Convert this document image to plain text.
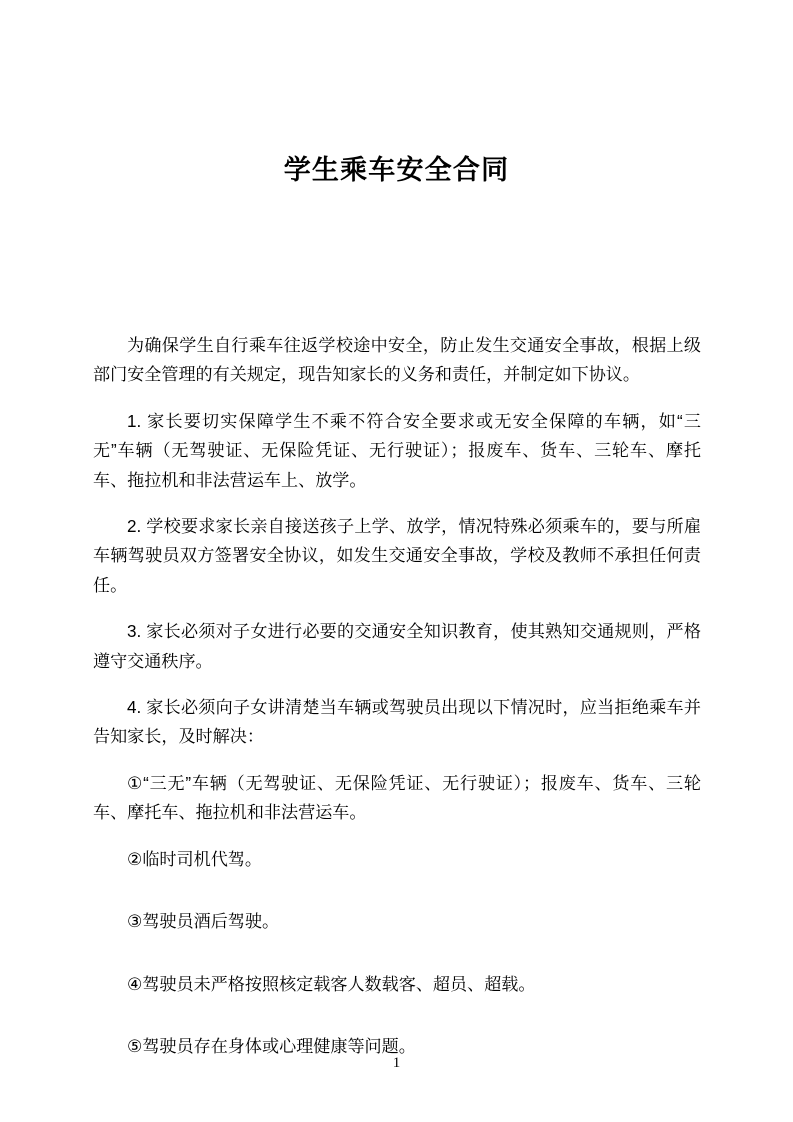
学生乘车安全合同

为确保学生自行乘车往返学校途中安全，防止发生交通安全事故，根据上级部门安全管理的有关规定，现告知家长的义务和责任，并制定如下协议。

1. 家长要切实保障学生不乘不符合安全要求或无安全保障的车辆，如“三无”车辆（无驾驶证、无保险凭证、无行驶证）；报废车、货车、三轮车、摩托车、拖拉机和非法营运车上、放学。

2. 学校要求家长亲自接送孩子上学、放学，情况特殊必须乘车的，要与所雇车辆驾驶员双方签署安全协议，如发生交通安全事故，学校及教师不承担任何责任。

3. 家长必须对子女进行必要的交通安全知识教育，使其熟知交通规则，严格遵守交通秩序。

4. 家长必须向子女讲清楚当车辆或驾驶员出现以下情况时，应当拒绝乘车并告知家长，及时解决：

①“三无”车辆（无驾驶证、无保险凭证、无行驶证）；报废车、货车、三轮车、摩托车、拖拉机和非法营运车。

②临时司机代驾。

③驾驶员酒后驾驶。

④驾驶员未严格按照核定载客人数载客、超员、超载。

⑤驾驶员存在身体或心理健康等问题。

1
